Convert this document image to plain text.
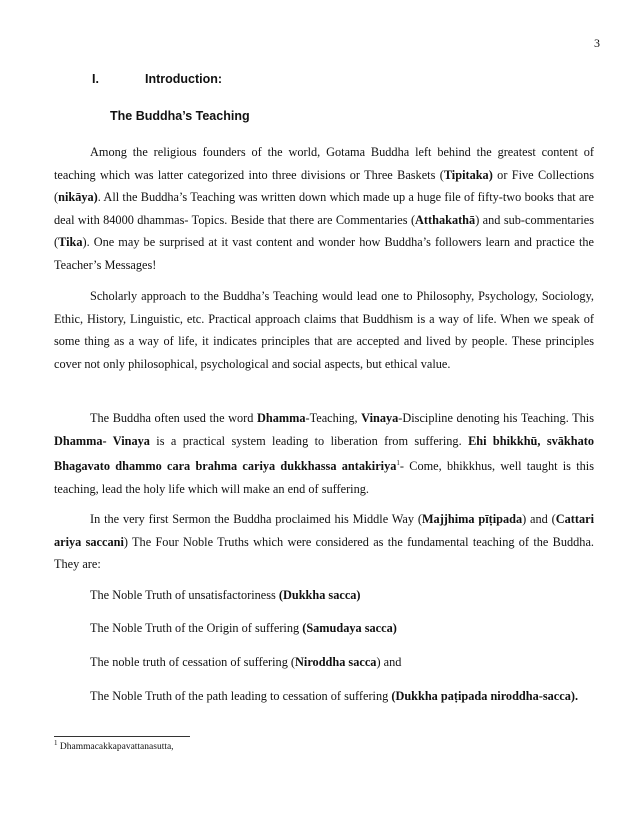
3
I.	Introduction:
The Buddha’s Teaching

Among the religious founders of the world, Gotama Buddha left behind the greatest content of teaching which was latter categorized into three divisions or Three Baskets (Tipitaka) or Five Collections (nikāya). All the Buddha’s Teaching was written down which made up a huge file of fifty-two books that are deal with 84000 dhammas- Topics. Beside that there are Commentaries (Atthakathā) and sub-commentaries (Tika). One may be surprised at it vast content and wonder how Buddha’s followers learn and practice the Teacher’s Messages!

Scholarly approach to the Buddha’s Teaching would lead one to Philosophy, Psychology, Sociology, Ethic, History, Linguistic, etc. Practical approach claims that Buddhism is a way of life. When we speak of some thing as a way of life, it indicates principles that are accepted and lived by people. These principles cover not only philosophical, psychological and social aspects, but ethical value.

The Buddha often used the word Dhamma-Teaching, Vinaya-Discipline denoting his Teaching. This Dhamma- Vinaya is a practical system leading to liberation from suffering. Ehi bhikkhū, svākhato Bhagavato dhammo cara brahma cariya dukkhassa antakiriya$^1$- Come, bhikkhus, well taught is this teaching, lead the holy life which will make an end of suffering.

In the very first Sermon the Buddha proclaimed his Middle Way (Majjhima pīṭipada) and (Cattari ariya saccani) The Four Noble Truths which were considered as the fundamental teaching of the Buddha. They are:

The Noble Truth of unsatisfactoriness (Dukkha sacca)

The Noble Truth of the Origin of suffering (Samudaya sacca)

The noble truth of cessation of suffering (Niroddha sacca) and

The Noble Truth of the path leading to cessation of suffering (Dukkha paṭipada niroddha-sacca).

$^1$ Dhammacakkapavattanasutta,
